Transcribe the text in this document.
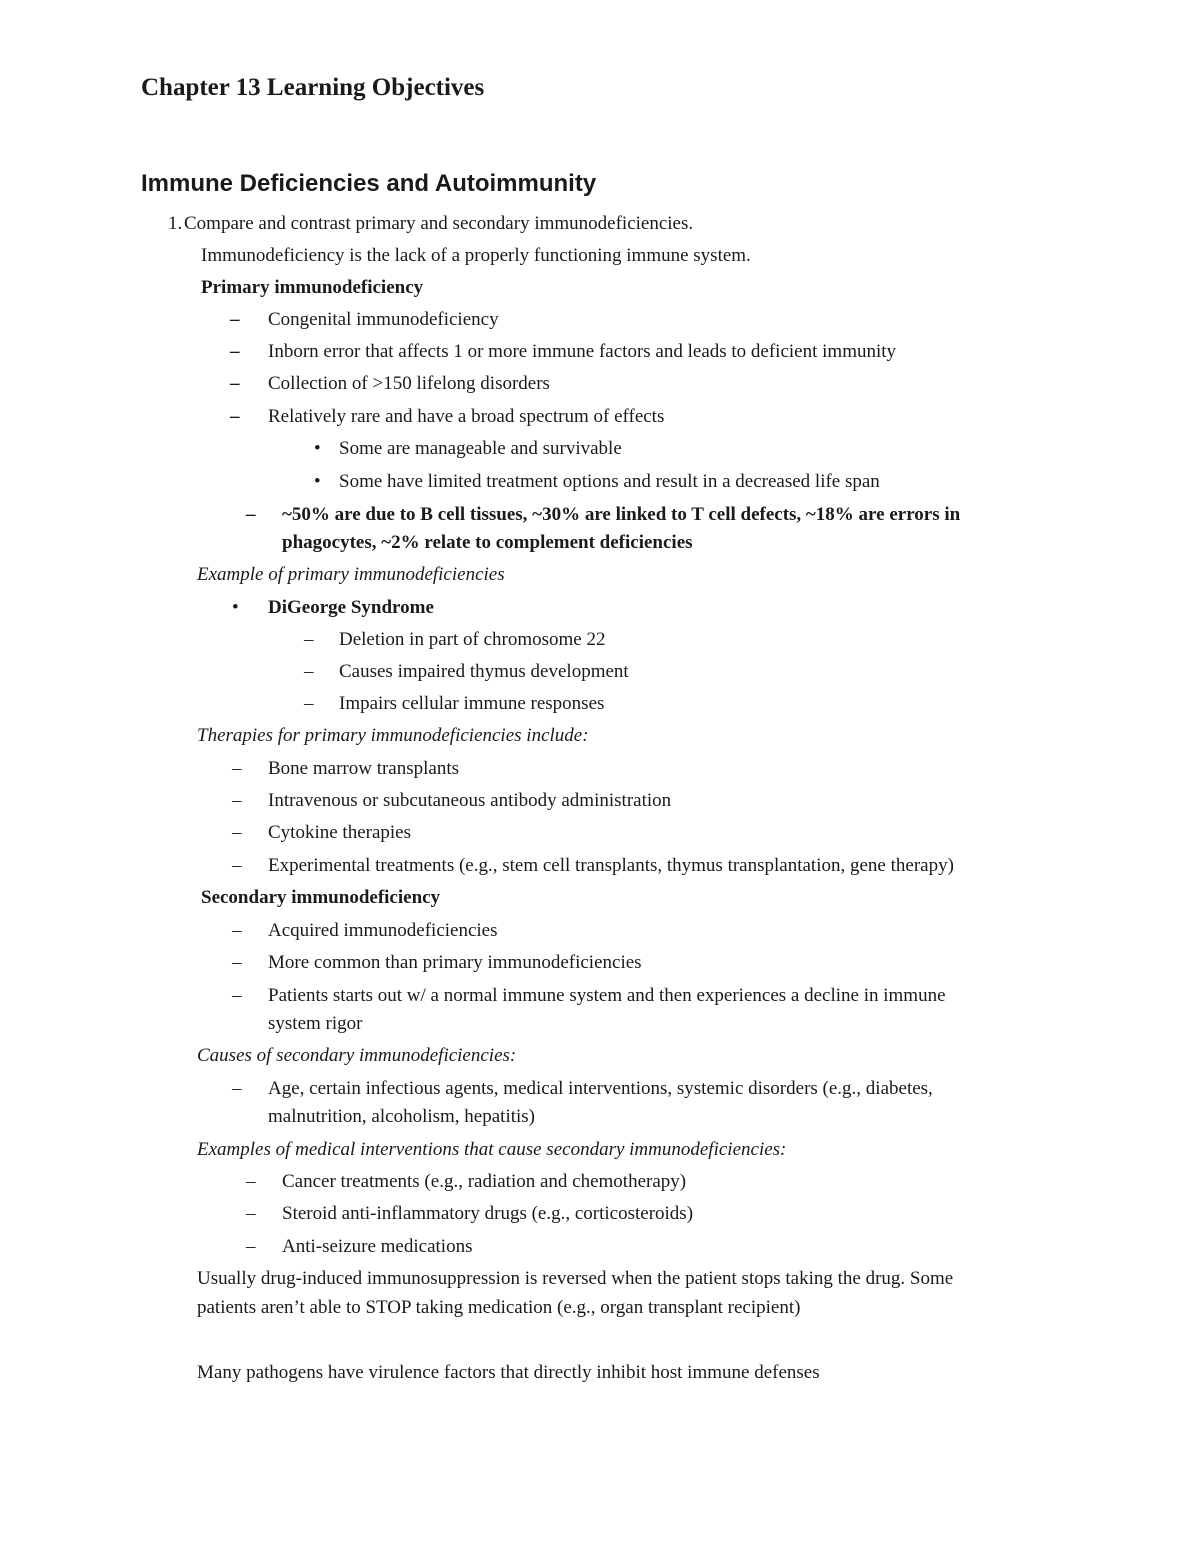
Chapter 13 Learning Objectives
Immune Deficiencies and Autoimmunity
1. Compare and contrast primary and secondary immunodeficiencies.
Immunodeficiency is the lack of a properly functioning immune system.
Primary immunodeficiency
– Congenital immunodeficiency
– Inborn error that affects 1 or more immune factors and leads to deficient immunity
– Collection of >150 lifelong disorders
– Relatively rare and have a broad spectrum of effects
• Some are manageable and survivable
• Some have limited treatment options and result in a decreased life span
– ~50% are due to B cell tissues, ~30% are linked to T cell defects, ~18% are errors in
phagocytes, ~2% relate to complement deficiencies
Example of primary immunodeficiencies
• DiGeorge Syndrome
– Deletion in part of chromosome 22
– Causes impaired thymus development
– Impairs cellular immune responses
Therapies for primary immunodeficiencies include:
– Bone marrow transplants
– Intravenous or subcutaneous antibody administration
– Cytokine therapies
– Experimental treatments (e.g., stem cell transplants, thymus transplantation, gene therapy)
Secondary immunodeficiency
– Acquired immunodeficiencies
– More common than primary immunodeficiencies
– Patients starts out w/ a normal immune system and then experiences a decline in immune
system rigor
Causes of secondary immunodeficiencies:
– Age, certain infectious agents, medical interventions, systemic disorders (e.g., diabetes,
malnutrition, alcoholism, hepatitis)
Examples of medical interventions that cause secondary immunodeficiencies:
– Cancer treatments (e.g., radiation and chemotherapy)
– Steroid anti-inflammatory drugs (e.g., corticosteroids)
– Anti-seizure medications
Usually drug-induced immunosuppression is reversed when the patient stops taking the drug. Some
patients aren’t able to STOP taking medication (e.g., organ transplant recipient)
Many pathogens have virulence factors that directly inhibit host immune defenses
